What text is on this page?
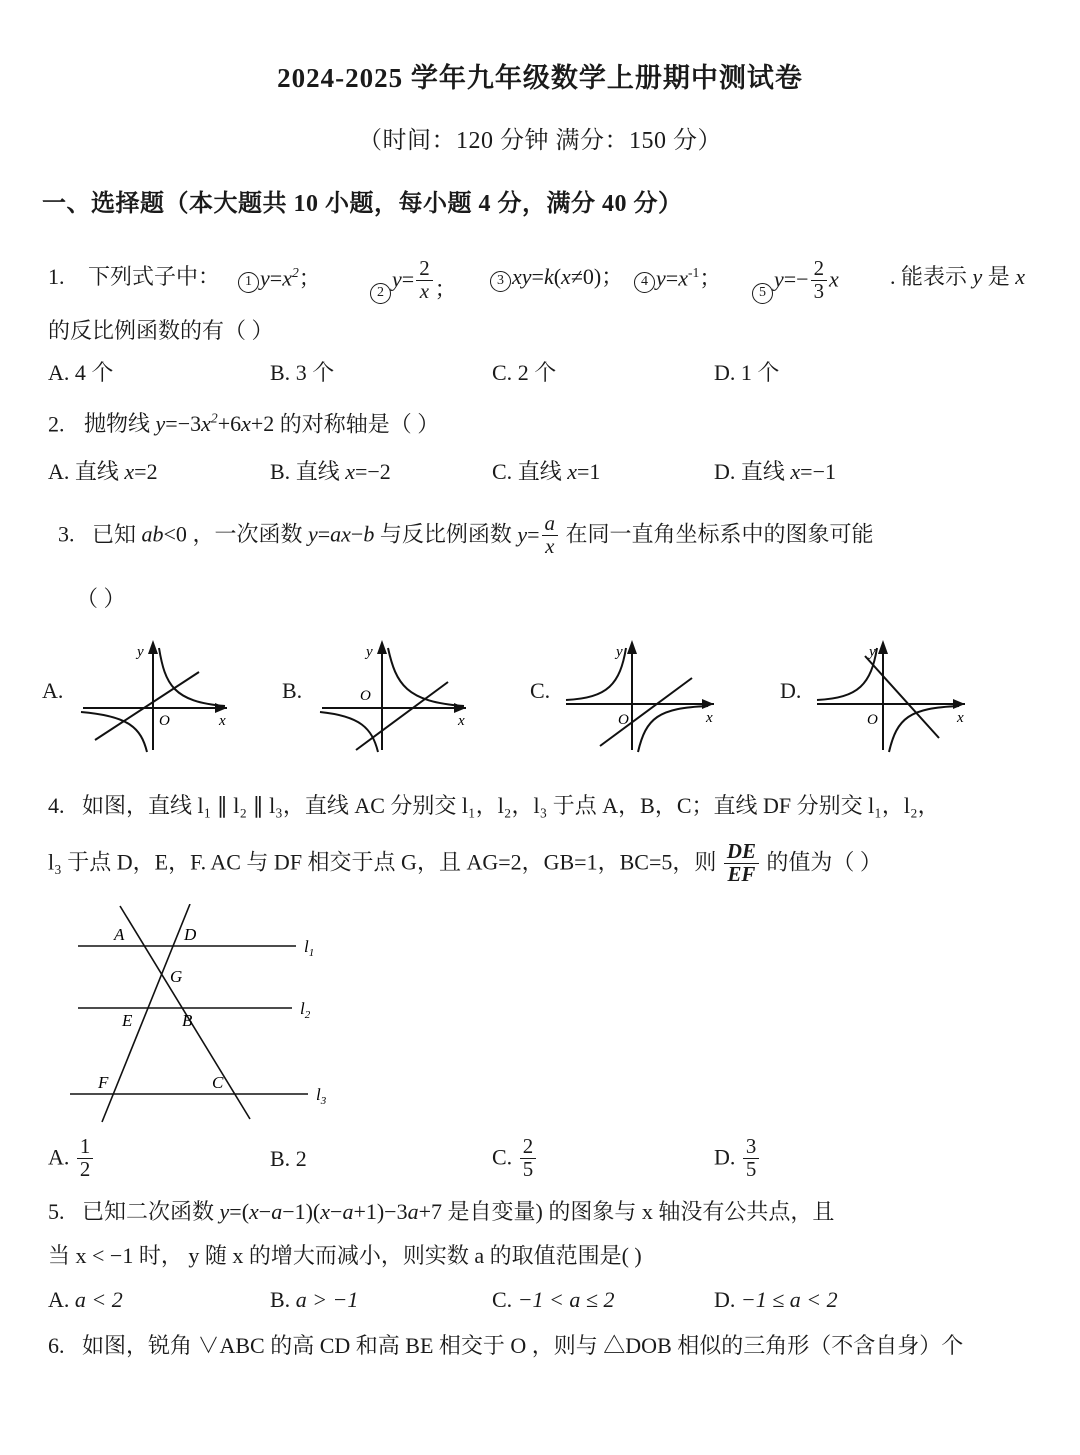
2024-2025 学年九年级数学上册期中测试卷
（时间：120 分钟 满分：150 分）
一、选择题（本大题共 10 小题，每小题 4 分，满分 40 分）
1. 下列式子中：	1 $y=x^2$；
$2y= \frac{2}{x}$ ；	3 xy=k(x≠0)；	4 $y=x^{-1}$；
$5y=- \frac{2}{3}$ x . 能表示 y 是 x
的反比例函数的有（ ）
A. 4 个	B. 3 个	C. 2 个	D. 1 个
2. 抛物线 $y=-3x^2+6x+2$ 的对称轴是（ ）
A. 直线 x=2	B. 直线 x=−2	C. 直线 x=1	D. 直线 x=−1
3. 已知 ab<0 ，一次函数 y=ax−b 与反比例函数 $y= \frac{a}{x}$ 在同一直角坐标系中的图象可能
（ ）
A.
y
O	x
B.
y
O
x
C.
y
O	x
D.
y
O	x
4. 如图，直线 l₁ ∥ l₂ ∥ l₃，直线 AC 分别交 l₁，l₂，l₃ 于点 A，B，C；直线 DF 分别交 l₁，l₂，
l₃ 于点 D，E，F. AC 与 DF 相交于点 G，且 AG=2，GB=1，BC=5，则 $\frac{DE}{EF}$ 的值为（ ）
A	D
G
E	B
F	C
$l_1$
$l_2$
$l_3$
A. $\frac{1}{2}$	B. 2	C. $\frac{2}{5}$	D. $\frac{3}{5}$
5. 已知二次函数 y=(x−a−1)(x−a+1)−3a+7 是自变量) 的图象与 x 轴没有公共点，且
当 x < −1 时， y 随 x 的增大而减小，则实数 a 的取值范围是( )
A. a < 2	B. a > −1	C. −1 < a ≤ 2	D. −1 ≤ a < 2
6. 如图，锐角 ∨ABC 的高 CD 和高 BE 相交于 O ，则与 △DOB 相似的三角形（不含自身）个
